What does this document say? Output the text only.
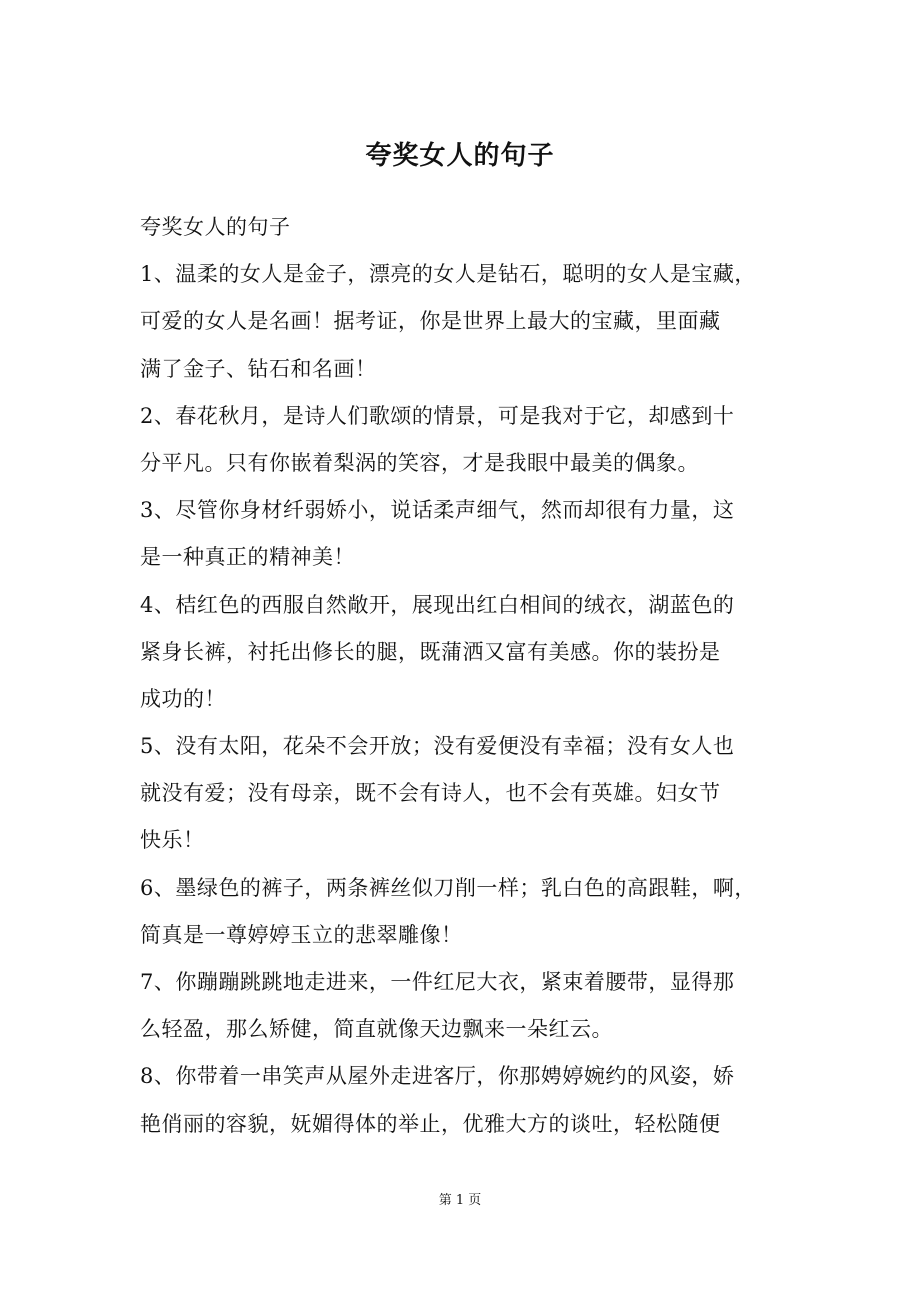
夸奖女人的句子
夸奖女人的句子
1、温柔的女人是金子，漂亮的女人是钻石，聪明的女人是宝藏，
可爱的女人是名画！据考证，你是世界上最大的宝藏，里面藏
满了金子、钻石和名画！
2、春花秋月，是诗人们歌颂的情景，可是我对于它，却感到十
分平凡。只有你嵌着梨涡的笑容，才是我眼中最美的偶象。
3、尽管你身材纤弱娇小，说话柔声细气，然而却很有力量，这
是一种真正的精神美！
4、桔红色的西服自然敞开，展现出红白相间的绒衣，湖蓝色的
紧身长裤，衬托出修长的腿，既蒲洒又富有美感。你的装扮是
成功的！
5、没有太阳，花朵不会开放；没有爱便没有幸福；没有女人也
就没有爱；没有母亲，既不会有诗人，也不会有英雄。妇女节
快乐！
6、墨绿色的裤子，两条裤丝似刀削一样；乳白色的高跟鞋，啊，
简真是一尊婷婷玉立的悲翠雕像！
7、你蹦蹦跳跳地走进来，一件红尼大衣，紧束着腰带，显得那
么轻盈，那么矫健，简直就像天边飘来一朵红云。
8、你带着一串笑声从屋外走进客厅，你那娉婷婉约的风姿，娇
艳俏丽的容貌，妩媚得体的举止，优雅大方的谈吐，轻松随便
第 1 页
